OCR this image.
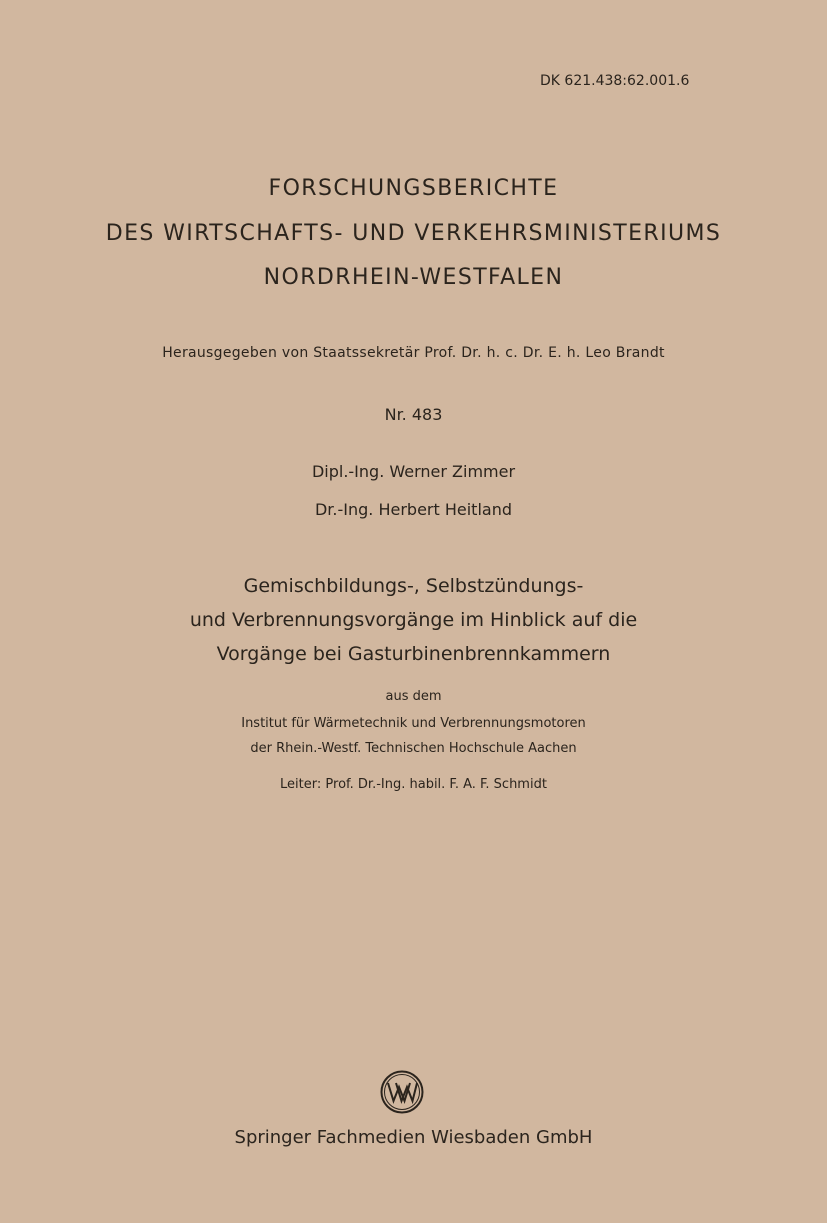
DK 621.438:62.001.6
FORSCHUNGSBERICHTE
DES WIRTSCHAFTS- UND VERKEHRSMINISTERIUMS
NORDRHEIN-WESTFALEN
Herausgegeben von Staatssekretär Prof. Dr. h. c. Dr. E. h. Leo Brandt
Nr. 483
Dipl.-Ing. Werner Zimmer
Dr.-Ing. Herbert Heitland
Gemischbildungs-, Selbstzündungs-
und Verbrennungsvorgänge im Hinblick auf die
Vorgänge bei Gasturbinenbrennkammern
aus dem
Institut für Wärmetechnik und Verbrennungsmotoren
der Rhein.-Westf. Technischen Hochschule Aachen
Leiter: Prof. Dr.-Ing. habil. F. A. F. Schmidt
Springer Fachmedien Wiesbaden GmbH
